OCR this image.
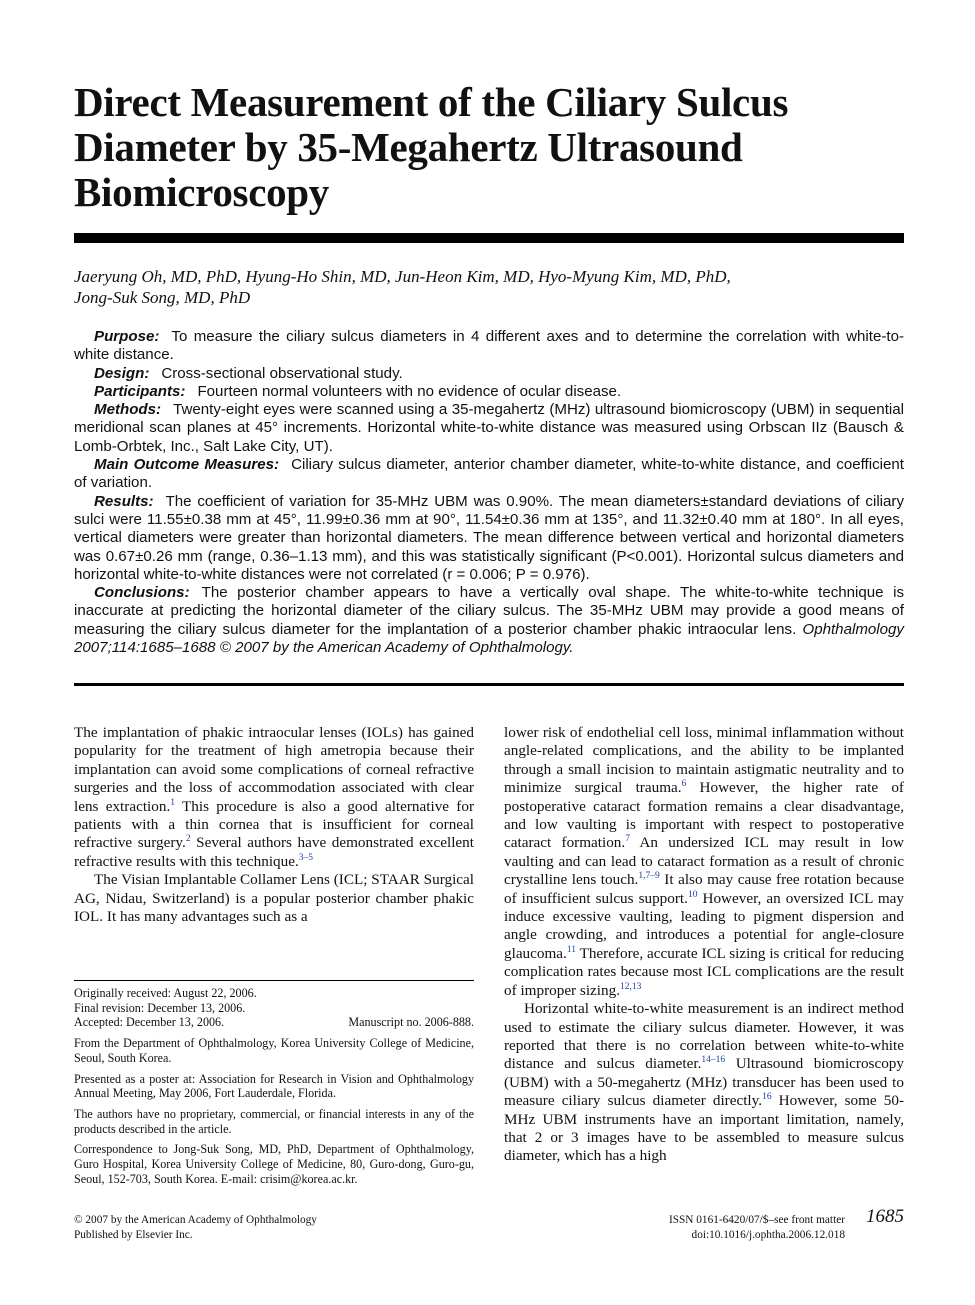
Direct Measurement of the Ciliary Sulcus Diameter by 35-Megahertz Ultrasound Biomicroscopy
Jaeryung Oh, MD, PhD, Hyung-Ho Shin, MD, Jun-Heon Kim, MD, Hyo-Myung Kim, MD, PhD,
Jong-Suk Song, MD, PhD

Purpose: To measure the ciliary sulcus diameters in 4 different axes and to determine the correlation with white-to-white distance.

Design: Cross-sectional observational study.

Participants: Fourteen normal volunteers with no evidence of ocular disease.

Methods: Twenty-eight eyes were scanned using a 35-megahertz (MHz) ultrasound biomicroscopy (UBM) in sequential meridional scan planes at 45° increments. Horizontal white-to-white distance was measured using Orbscan IIz (Bausch & Lomb-Orbtek, Inc., Salt Lake City, UT).

Main Outcome Measures: Ciliary sulcus diameter, anterior chamber diameter, white-to-white distance, and coefficient of variation.

Results: The coefficient of variation for 35-MHz UBM was 0.90%. The mean diameters±standard deviations of ciliary sulci were 11.55±0.38 mm at 45°, 11.99±0.36 mm at 90°, 11.54±0.36 mm at 135°, and 11.32±0.40 mm at 180°. In all eyes, vertical diameters were greater than horizontal diameters. The mean difference between vertical and horizontal diameters was 0.67±0.26 mm (range, 0.36–1.13 mm), and this was statistically significant (P<0.001). Horizontal sulcus diameters and horizontal white-to-white distances were not correlated (r = 0.006; P = 0.976).

Conclusions: The posterior chamber appears to have a vertically oval shape. The white-to-white technique is inaccurate at predicting the horizontal diameter of the ciliary sulcus. The 35-MHz UBM may provide a good means of measuring the ciliary sulcus diameter for the implantation of a posterior chamber phakic intraocular lens. Ophthalmology 2007;114:1685–1688 © 2007 by the American Academy of Ophthalmology.

The implantation of phakic intraocular lenses (IOLs) has gained popularity for the treatment of high ametropia because their implantation can avoid some complications of corneal refractive surgeries and the loss of accommodation associated with clear lens extraction.$^1$ This procedure is also a good alternative for patients with a thin cornea that is insufficient for corneal refractive surgery.$^2$ Several authors have demonstrated excellent refractive results with this technique.$^{3-5}$

The Visian Implantable Collamer Lens (ICL; STAAR Surgical AG, Nidau, Switzerland) is a popular posterior chamber phakic IOL. It has many advantages such as a

Originally received: August 22, 2006.
Final revision: December 13, 2006.
Accepted: December 13, 2006.	Manuscript no. 2006-888.

From the Department of Ophthalmology, Korea University College of Medicine, Seoul, South Korea.

Presented as a poster at: Association for Research in Vision and Ophthalmology Annual Meeting, May 2006, Fort Lauderdale, Florida.

The authors have no proprietary, commercial, or financial interests in any of the products described in the article.

Correspondence to Jong-Suk Song, MD, PhD, Department of Ophthalmology, Guro Hospital, Korea University College of Medicine, 80, Guro-dong, Guro-gu, Seoul, 152-703, South Korea. E-mail: crisim@korea.ac.kr.

lower risk of endothelial cell loss, minimal inflammation without angle-related complications, and the ability to be implanted through a small incision to maintain astigmatic neutrality and to minimize surgical trauma.$^6$ However, the higher rate of postoperative cataract formation remains a clear disadvantage, and low vaulting is important with respect to postoperative cataract formation.$^7$ An undersized ICL may result in low vaulting and can lead to cataract formation as a result of chronic crystalline lens touch.$^{1,7-9}$ It also may cause free rotation because of insufficient sulcus support.$^{10}$ However, an oversized ICL may induce excessive vaulting, leading to pigment dispersion and angle crowding, and introduces a potential for angle-closure glaucoma.$^{11}$ Therefore, accurate ICL sizing is critical for reducing complication rates because most ICL complications are the result of improper sizing.$^{12,13}$

Horizontal white-to-white measurement is an indirect method used to estimate the ciliary sulcus diameter. However, it was reported that there is no correlation between white-to-white distance and sulcus diameter.$^{14-16}$ Ultrasound biomicroscopy (UBM) with a 50-megahertz (MHz) transducer has been used to measure ciliary sulcus diameter directly.$^{16}$ However, some 50-MHz UBM instruments have an important limitation, namely, that 2 or 3 images have to be assembled to measure sulcus diameter, which has a high

© 2007 by the American Academy of Ophthalmology
Published by Elsevier Inc.
ISSN 0161-6420/07/$–see front matter
doi:10.1016/j.ophtha.2006.12.018
1685
